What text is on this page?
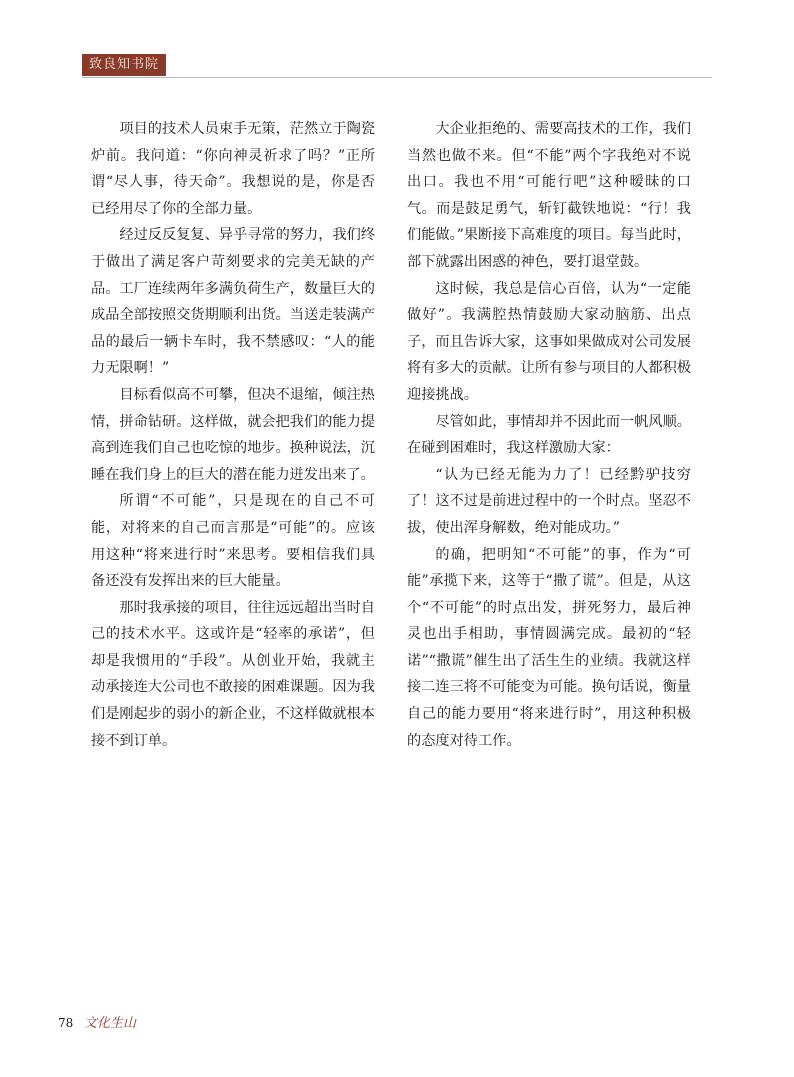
致良知书院

项目的技术人员束手无策，茫然立于陶瓷炉前。我问道：“你向神灵祈求了吗？”正所谓“尽人事，待天命”。我想说的是，你是否已经用尽了你的全部力量。

经过反反复复、异乎寻常的努力，我们终于做出了满足客户苛刻要求的完美无缺的产品。工厂连续两年多满负荷生产，数量巨大的成品全部按照交货期顺利出货。当送走装满产品的最后一辆卡车时，我不禁感叹：“人的能力无限啊！”

目标看似高不可攀，但决不退缩，倾注热情，拼命钻研。这样做，就会把我们的能力提高到连我们自己也吃惊的地步。换种说法，沉睡在我们身上的巨大的潜在能力迸发出来了。

所谓“不可能”，只是现在的自己不可能，对将来的自己而言那是“可能”的。应该用这种“将来进行时”来思考。要相信我们具备还没有发挥出来的巨大能量。

那时我承接的项目，往往远远超出当时自己的技术水平。这或许是“轻率的承诺”，但却是我惯用的“手段”。从创业开始，我就主动承接连大公司也不敢接的困难课题。因为我们是刚起步的弱小的新企业，不这样做就根本接不到订单。

大企业拒绝的、需要高技术的工作，我们当然也做不来。但“不能”两个字我绝对不说出口。我也不用“可能行吧”这种暧昧的口气。而是鼓足勇气，斩钉截铁地说：“行！我们能做。”果断接下高难度的项目。每当此时，部下就露出困惑的神色，要打退堂鼓。

这时候，我总是信心百倍，认为“一定能做好”。我满腔热情鼓励大家动脑筋、出点子，而且告诉大家，这事如果做成对公司发展将有多大的贡献。让所有参与项目的人都积极迎接挑战。

尽管如此，事情却并不因此而一帆风顺。在碰到困难时，我这样激励大家：

“认为已经无能为力了！已经黔驴技穷了！这不过是前进过程中的一个时点。坚忍不拔，使出浑身解数，绝对能成功。”

的确，把明知“不可能”的事，作为“可能”承揽下来，这等于“撒了谎”。但是，从这个“不可能”的时点出发，拼死努力，最后神灵也出手相助，事情圆满完成。最初的“轻诺”“撒谎”催生出了活生生的业绩。我就这样接二连三将不可能变为可能。换句话说，衡量自己的能力要用“将来进行时”，用这种积极的态度对待工作。

78 文化生山
